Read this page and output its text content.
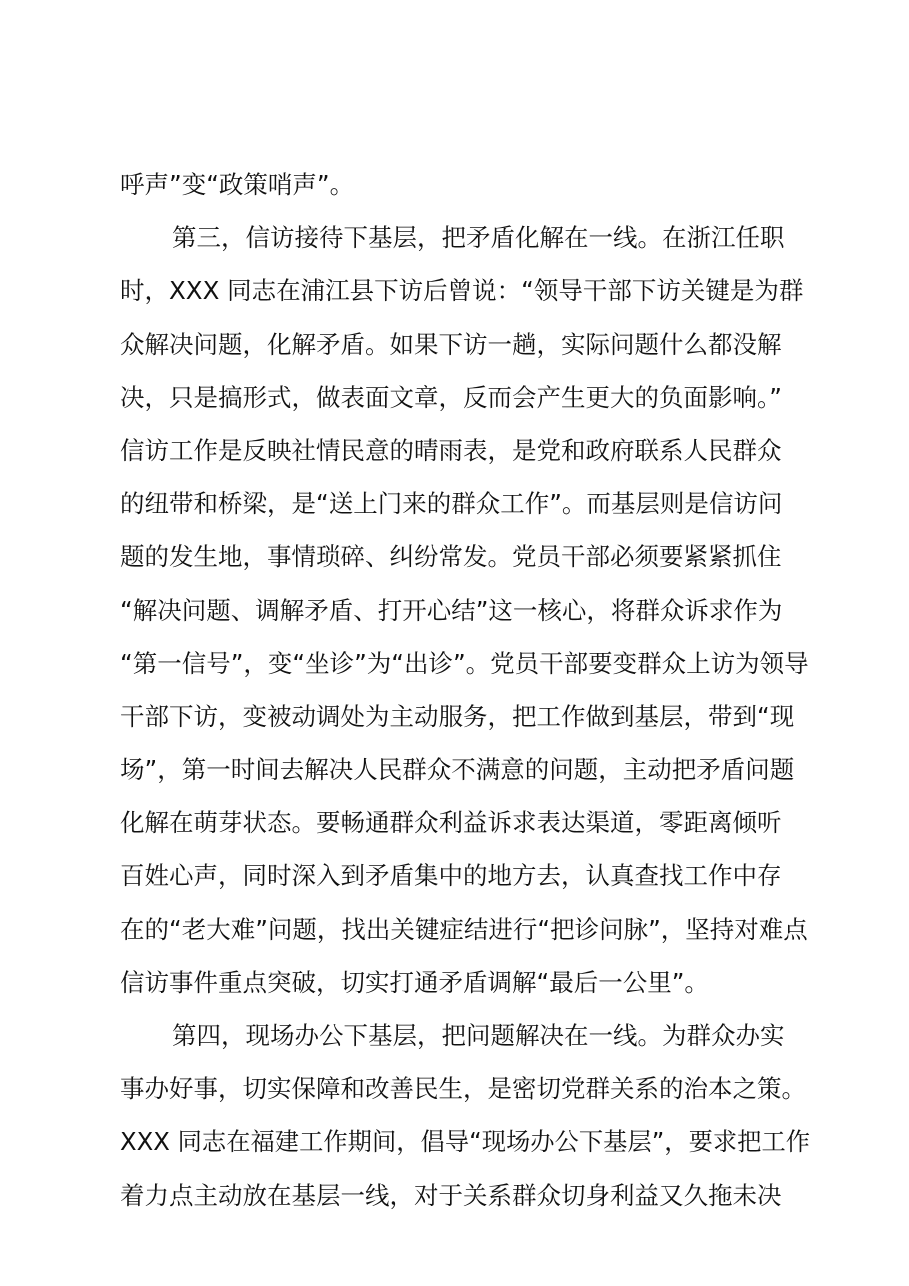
呼声”变“政策哨声”。
第三，信访接待下基层，把矛盾化解在一线。在浙江任职
时，XXX 同志在浦江县下访后曾说：“领导干部下访关键是为群
众解决问题，化解矛盾。如果下访一趟，实际问题什么都没解
决，只是搞形式，做表面文章，反而会产生更大的负面影响。”
信访工作是反映社情民意的晴雨表，是党和政府联系人民群众
的纽带和桥梁，是“送上门来的群众工作”。而基层则是信访问
题的发生地，事情琐碎、纠纷常发。党员干部必须要紧紧抓住
“解决问题、调解矛盾、打开心结”这一核心，将群众诉求作为
“第一信号”，变“坐诊”为“出诊”。党员干部要变群众上访为领导
干部下访，变被动调处为主动服务，把工作做到基层，带到“现
场”，第一时间去解决人民群众不满意的问题，主动把矛盾问题
化解在萌芽状态。要畅通群众利益诉求表达渠道，零距离倾听
百姓心声，同时深入到矛盾集中的地方去，认真查找工作中存
在的“老大难”问题，找出关键症结进行“把诊问脉”，坚持对难点
信访事件重点突破，切实打通矛盾调解“最后一公里”。
第四，现场办公下基层，把问题解决在一线。为群众办实
事办好事，切实保障和改善民生，是密切党群关系的治本之策。
XXX 同志在福建工作期间，倡导“现场办公下基层”，要求把工作
着力点主动放在基层一线，对于关系群众切身利益又久拖未决
